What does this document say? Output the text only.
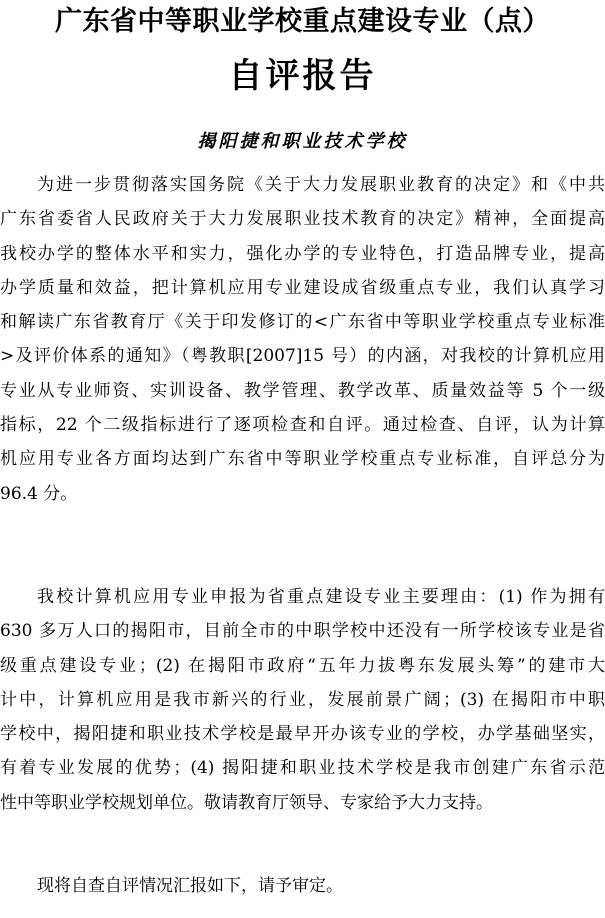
广东省中等职业学校重点建设专业（点）
自评报告
揭阳捷和职业技术学校
为进一步贯彻落实国务院《关于大力发展职业教育的决定》和《中共
广东省委省人民政府关于大力发展职业技术教育的决定》精神，全面提高
我校办学的整体水平和实力，强化办学的专业特色，打造品牌专业，提高
办学质量和效益，把计算机应用专业建设成省级重点专业，我们认真学习
和解读广东省教育厅《关于印发修订的<广东省中等职业学校重点专业标准
>及评价体系的通知》（粤教职[2007]15 号）的内涵，对我校的计算机应用
专业从专业师资、实训设备、教学管理、教学改革、质量效益等 5 个一级
指标，22 个二级指标进行了逐项检查和自评。通过检查、自评，认为计算
机应用专业各方面均达到广东省中等职业学校重点专业标准，自评总分为
96.4 分。
我校计算机应用专业申报为省重点建设专业主要理由：(1) 作为拥有
630 多万人口的揭阳市，目前全市的中职学校中还没有一所学校该专业是省
级重点建设专业；(2) 在揭阳市政府“五年力拔粤东发展头筹”的建市大
计中，计算机应用是我市新兴的行业，发展前景广阔；(3) 在揭阳市中职
学校中，揭阳捷和职业技术学校是最早开办该专业的学校，办学基础坚实，
有着专业发展的优势；(4) 揭阳捷和职业技术学校是我市创建广东省示范
性中等职业学校规划单位。敬请教育厅领导、专家给予大力支持。
现将自查自评情况汇报如下，请予审定。
